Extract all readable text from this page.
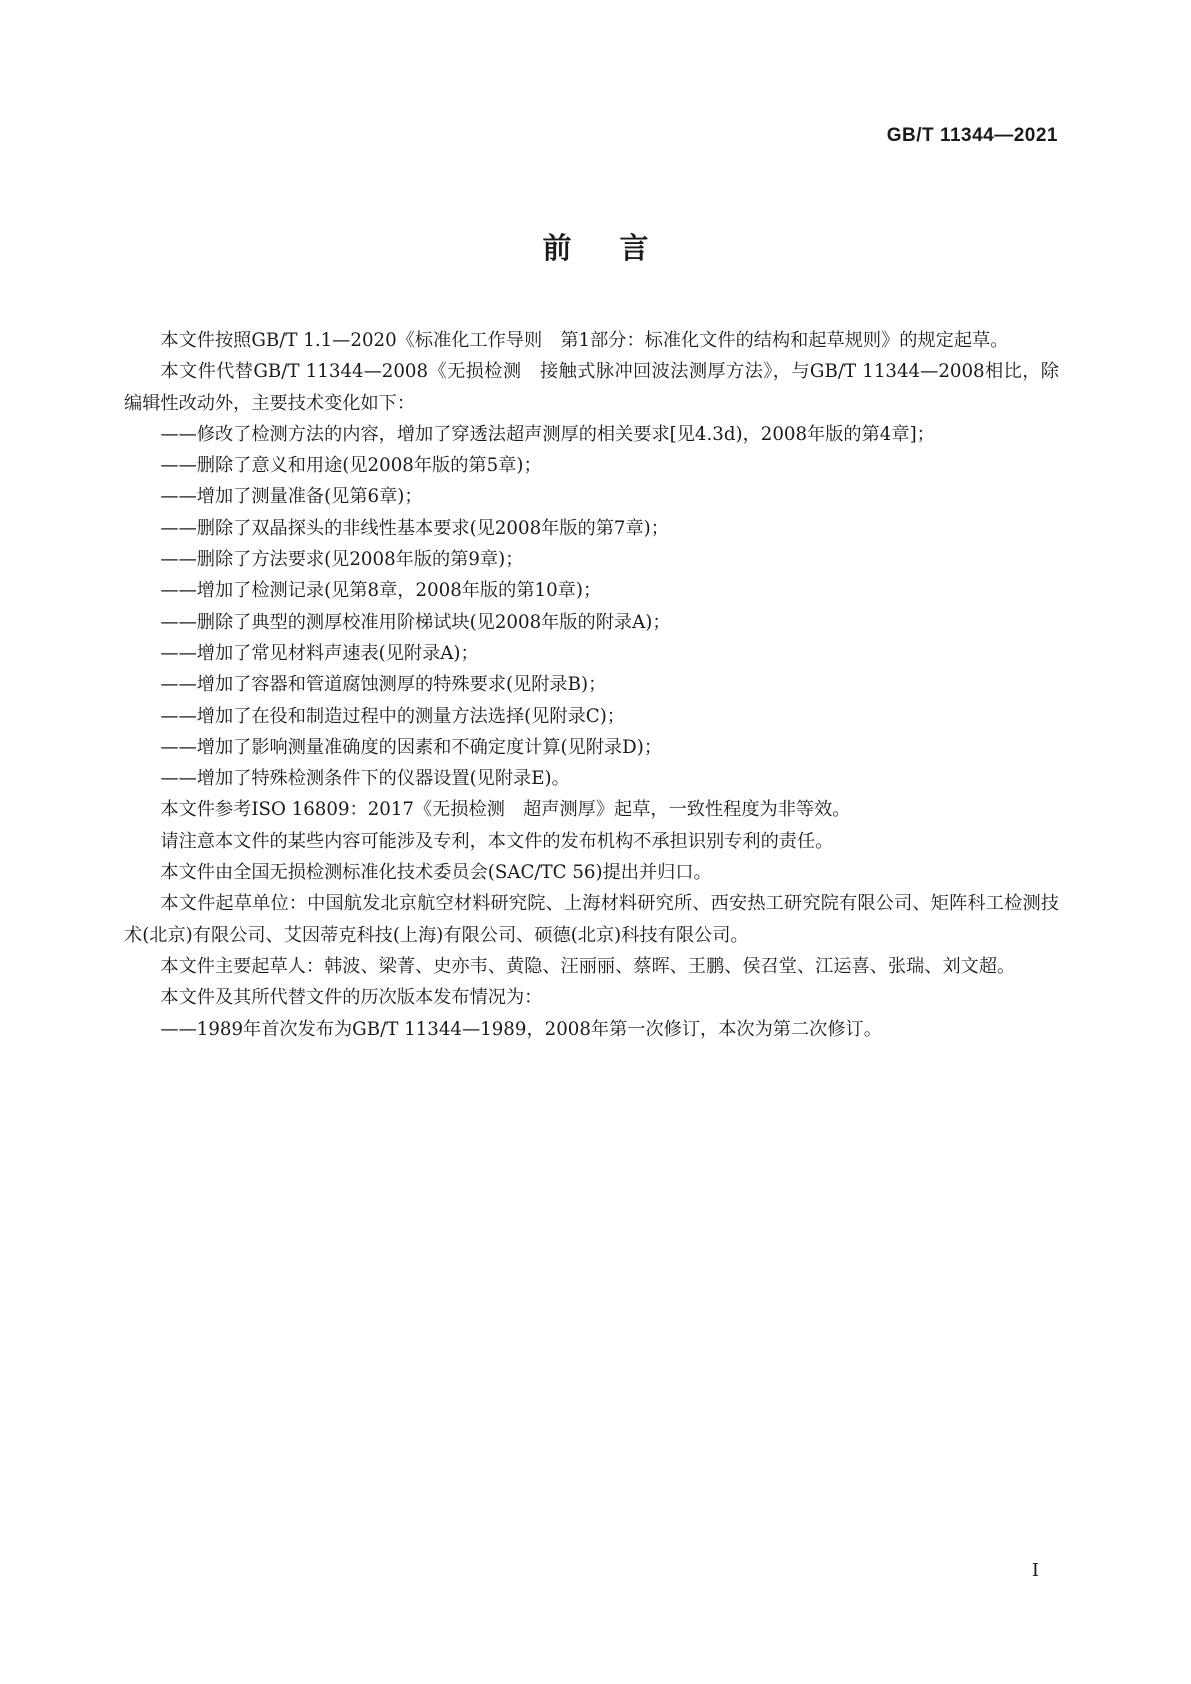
GB/T 11344—2021
前言

本文件按照GB/T 1.1—2020《标准化工作导则　第1部分：标准化文件的结构和起草规则》的规定起草。

本文件代替GB/T 11344—2008《无损检测　接触式脉冲回波法测厚方法》，与GB/T 11344—2008相比，除编辑性改动外，主要技术变化如下：

——修改了检测方法的内容，增加了穿透法超声测厚的相关要求[见4.3d)，2008年版的第4章]；

——删除了意义和用途(见2008年版的第5章)；

——增加了测量准备(见第6章)；

——删除了双晶探头的非线性基本要求(见2008年版的第7章)；

——删除了方法要求(见2008年版的第9章)；

——增加了检测记录(见第8章，2008年版的第10章)；

——删除了典型的测厚校准用阶梯试块(见2008年版的附录A)；

——增加了常见材料声速表(见附录A)；

——增加了容器和管道腐蚀测厚的特殊要求(见附录B)；

——增加了在役和制造过程中的测量方法选择(见附录C)；

——增加了影响测量准确度的因素和不确定度计算(见附录D)；

——增加了特殊检测条件下的仪器设置(见附录E)。

本文件参考ISO 16809：2017《无损检测　超声测厚》起草，一致性程度为非等效。

请注意本文件的某些内容可能涉及专利，本文件的发布机构不承担识别专利的责任。

本文件由全国无损检测标准化技术委员会(SAC/TC 56)提出并归口。

本文件起草单位：中国航发北京航空材料研究院、上海材料研究所、西安热工研究院有限公司、矩阵科工检测技术(北京)有限公司、艾因蒂克科技(上海)有限公司、硕德(北京)科技有限公司。

本文件主要起草人：韩波、梁菁、史亦韦、黄隐、汪丽丽、蔡晖、王鹏、侯召堂、江运喜、张瑞、刘文超。

本文件及其所代替文件的历次版本发布情况为：

——1989年首次发布为GB/T 11344—1989，2008年第一次修订，本次为第二次修订。

I
